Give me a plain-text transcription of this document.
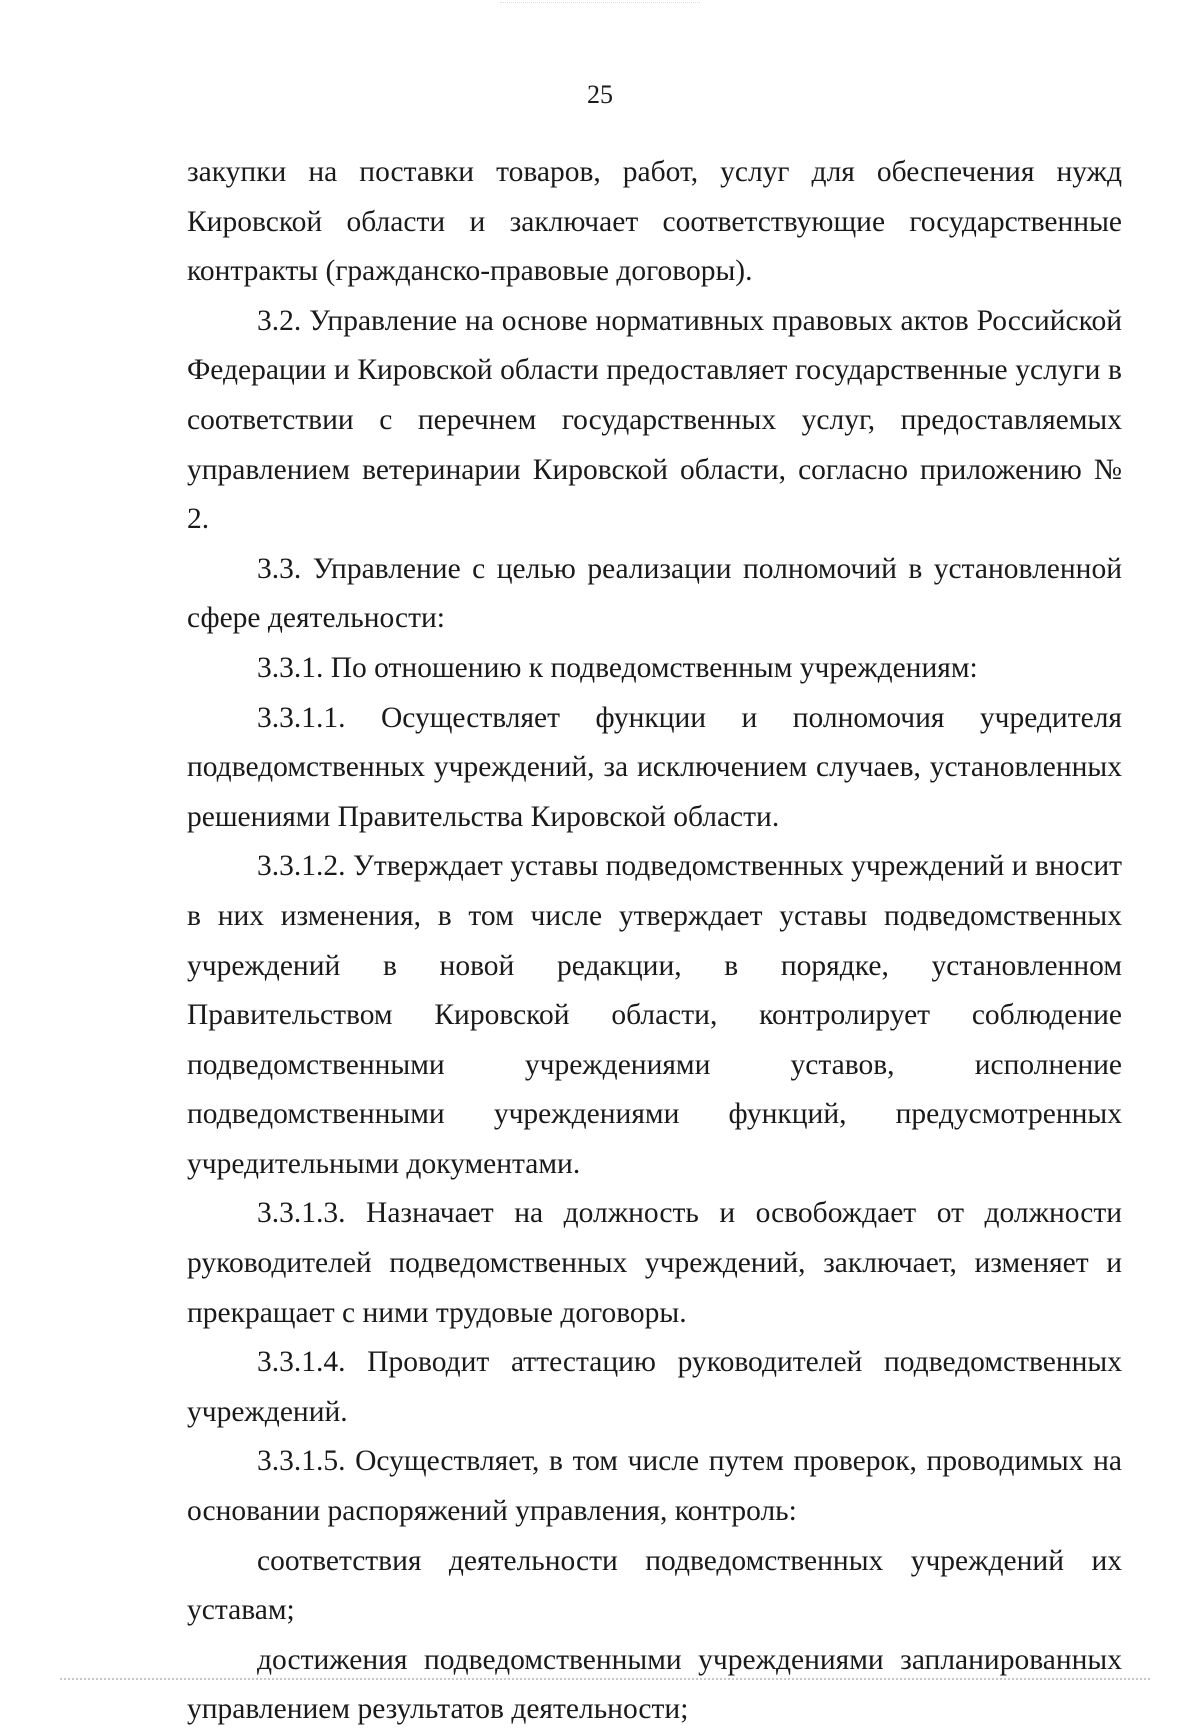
25

закупки на поставки товаров, работ, услуг для обеспечения нужд Кировской области и заключает соответствующие государственные контракты (гражданско-правовые договоры).

3.2. Управление на основе нормативных правовых актов Российской Федерации и Кировской области предоставляет государственные услуги в соответствии с перечнем государственных услуг, предоставляемых управлением ветеринарии Кировской области, согласно приложению № 2.

3.3. Управление с целью реализации полномочий в установленной сфере деятельности:

3.3.1. По отношению к подведомственным учреждениям:

3.3.1.1. Осуществляет функции и полномочия учредителя подведомственных учреждений, за исключением случаев, установленных решениями Правительства Кировской области.

3.3.1.2. Утверждает уставы подведомственных учреждений и вносит в них изменения, в том числе утверждает уставы подведомственных учреждений в новой редакции, в порядке, установленном Правительством Кировской области, контролирует соблюдение подведомственными учреждениями уставов, исполнение подведомственными учреждениями функций, предусмотренных учредительными документами.

3.3.1.3. Назначает на должность и освобождает от должности руководителей подведомственных учреждений, заключает, изменяет и прекращает с ними трудовые договоры.

3.3.1.4. Проводит аттестацию руководителей подведомственных учреждений.

3.3.1.5. Осуществляет, в том числе путем проверок, проводимых на основании распоряжений управления, контроль:

соответствия деятельности подведомственных учреждений их уставам;

достижения подведомственными учреждениями запланированных управлением результатов деятельности;
